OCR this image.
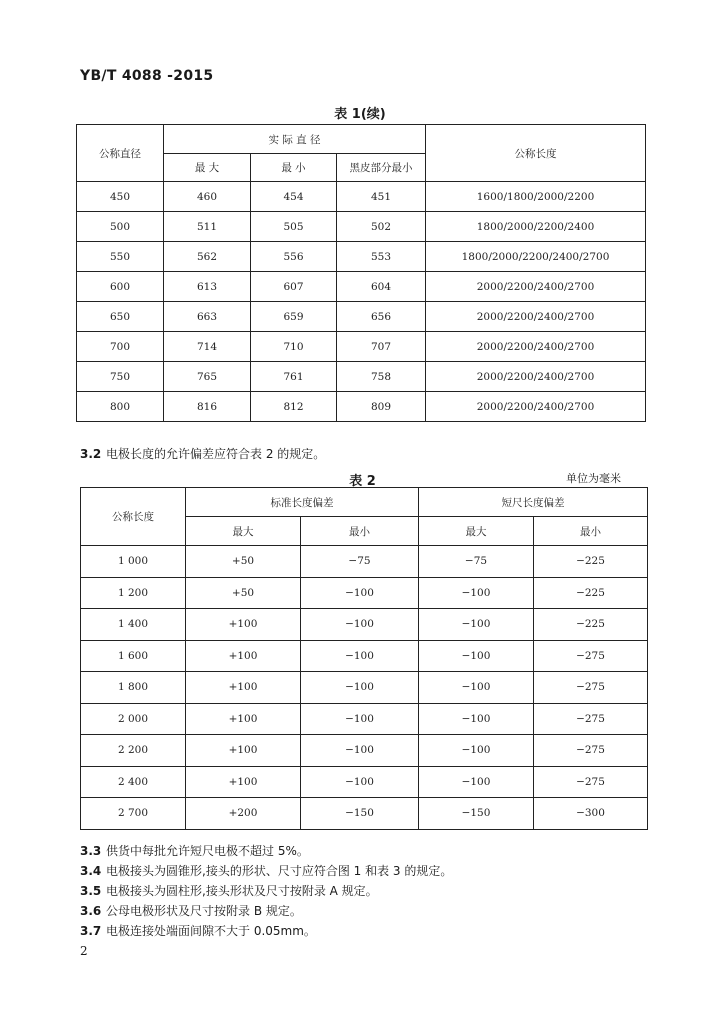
YB/T 4088 -2015
表 1(续)
公称直径	实 际 直 径			公称长度
	最 大	最 小	黑皮部分最小	
450	460	454	451	1600/1800/2000/2200
500	511	505	502	1800/2000/2200/2400
550	562	556	553	1800/2000/2200/2400/2700
600	613	607	604	2000/2200/2400/2700
650	663	659	656	2000/2200/2400/2700
700	714	710	707	2000/2200/2400/2700
750	765	761	758	2000/2200/2400/2700
800	816	812	809	2000/2200/2400/2700
3.2 电极长度的允许偏差应符合表 2 的规定。
表 2	单位为毫米
公称长度	标准长度偏差		短尺长度偏差	
	最大	最小	最大	最小
1 000	+50	−75	−75	−225
1 200	+50	−100	−100	−225
1 400	+100	−100	−100	−225
1 600	+100	−100	−100	−275
1 800	+100	−100	−100	−275
2 000	+100	−100	−100	−275
2 200	+100	−100	−100	−275
2 400	+100	−100	−100	−275
2 700	+200	−150	−150	−300
3.3 供货中每批允许短尺电极不超过 5%。
3.4 电极接头为圆锥形,接头的形状、尺寸应符合图 1 和表 3 的规定。
3.5 电极接头为圆柱形,接头形状及尺寸按附录 A 规定。
3.6 公母电极形状及尺寸按附录 B 规定。
3.7 电极连接处端面间隙不大于 0.05mm。
2
